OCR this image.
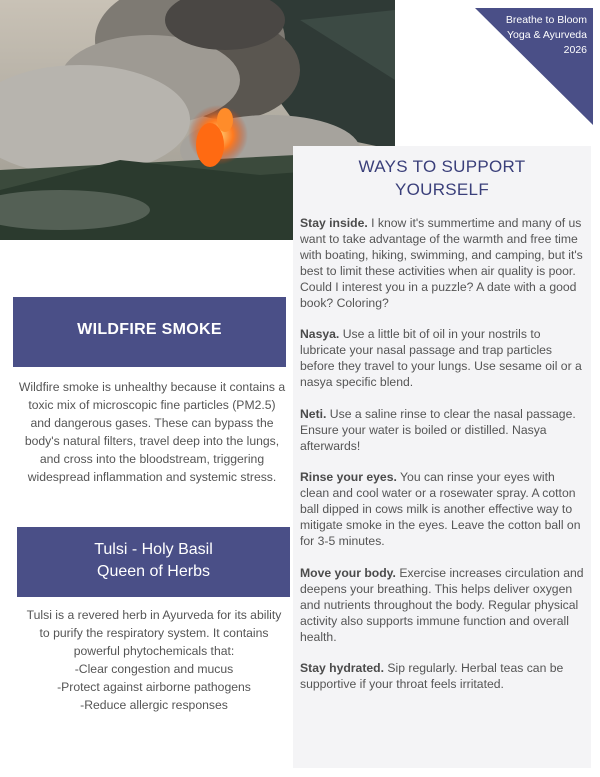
Breathe to Bloom
Yoga & Ayurveda
2026
WAYS TO SUPPORT
YOURSELF

Stay inside. I know it's summertime and many of us want to take advantage of the warmth and free time with boating, hiking, swimming, and camping, but it's best to limit these activities when air quality is poor. Could I interest you in a puzzle? A date with a good book? Coloring?

Nasya. Use a little bit of oil in your nostrils to lubricate your nasal passage and trap particles before they travel to your lungs. Use sesame oil or a nasya specific blend.

Neti. Use a saline rinse to clear the nasal passage. Ensure your water is boiled or distilled. Nasya afterwards!

Rinse your eyes. You can rinse your eyes with clean and cool water or a rosewater spray. A cotton ball dipped in cows milk is another effective way to mitigate smoke in the eyes. Leave the cotton ball on for 3-5 minutes.

Move your body. Exercise increases circulation and deepens your breathing. This helps deliver oxygen and nutrients throughout the body. Regular physical activity also supports immune function and overall health.

Stay hydrated. Sip regularly. Herbal teas can be supportive if your throat feels irritated.

WILDFIRE SMOKE
Wildfire smoke is unhealthy because it contains a toxic mix of microscopic fine particles (PM2.5) and dangerous gases. These can bypass the body's natural filters, travel deep into the lungs, and cross into the bloodstream, triggering widespread inflammation and systemic stress.
Tulsi - Holy Basil
Queen of Herbs
Tulsi is a revered herb in Ayurveda for its ability to purify the respiratory system. It contains powerful phytochemicals that:
-Clear congestion and mucus
-Protect against airborne pathogens
-Reduce allergic responses
